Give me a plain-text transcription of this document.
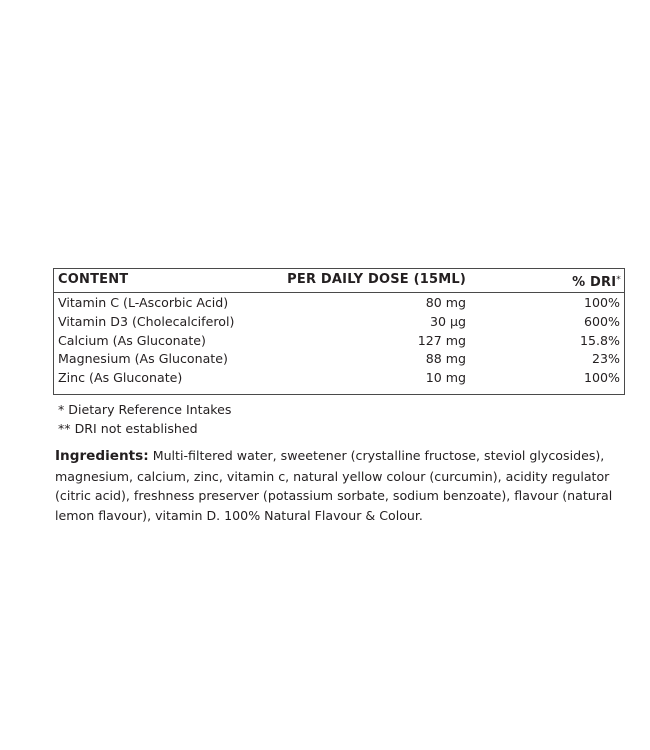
CONTENT	PER DAILY DOSE (15ML)	% DRI*
Vitamin C (L-Ascorbic Acid)	80 mg	100%
Vitamin D3 (Cholecalciferol)	30 µg	600%
Calcium (As Gluconate)	127 mg	15.8%
Magnesium (As Gluconate)	88 mg	23%
Zinc (As Gluconate)	10 mg	100%
* Dietary Reference Intakes
** DRI not established
Ingredients: Multi-filtered water, sweetener (crystalline fructose, steviol glycosides), magnesium, calcium, zinc, vitamin c, natural yellow colour (curcumin), acidity regulator (citric acid), freshness preserver (potassium sorbate, sodium benzoate), flavour (natural lemon flavour), vitamin D. 100% Natural Flavour & Colour.
